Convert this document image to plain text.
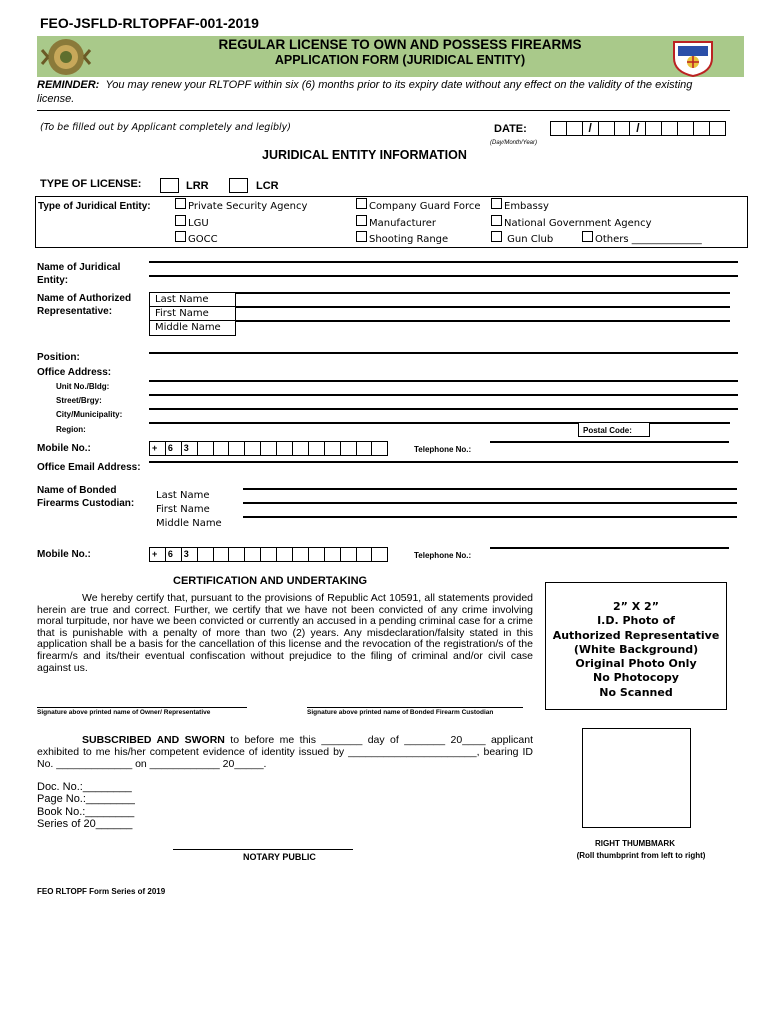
FEO-JSFLD-RLTOPFAF-001-2019
REGULAR LICENSE TO OWN AND POSSESS FIREARMS
APPLICATION FORM (JURIDICAL ENTITY)
REMINDER: You may renew your RLTOPF within six (6) months prior to its expiry date without any effect on the validity of the existing license.
(To be filled out by Applicant completely and legibly)	DATE:	/	/
(Day/Month/Year)
JURIDICAL ENTITY INFORMATION
TYPE OF LICENSE:	LRR	LCR
Type of Juridical Entity:	Private Security Agency	Company Guard Force Embassy
LGU	Manufacturer	National Government Agency
GOCC	Shooting Range	Gun Club	Others ______________
Name of Juridical Entity:
Name of Authorized Representative:
Last Name
First Name
Middle Name
Position:
Office Address:
Unit No./Bldg:
Street/Brgy:
City/Municipality:
Region:	Postal Code:
Mobile No.:	+	6	3	Telephone No.:
Office Email Address:
Name of Bonded Firearms Custodian:
Last Name
First Name
Middle Name
Mobile No.:	+	6	3	Telephone No.:
CERTIFICATION AND UNDERTAKING
We hereby certify that, pursuant to the provisions of Republic Act 10591, all statements provided herein are true and correct. Further, we certify that we have not been convicted of any crime involving moral turpitude, nor have we been convicted or currently an accused in a pending criminal case for a crime that is punishable with a penalty of more than two (2) years. Any misdeclaration/falsity stated in this application shall be a basis for the cancellation of this license and the revocation of the registration/s of the firearm/s and its/their eventual confiscation without prejudice to the filing of criminal and/or civil case against us.
2” X 2”
I.D. Photo of
Authorized Representative
(White Background)
Original Photo Only
No Photocopy
No Scanned
Signature above printed name of Owner/ Representative	Signature above printed name of Bonded Firearm Custodian
SUBSCRIBED AND SWORN to before me this _______ day of _______ 20____ applicant exhibited to me his/her competent evidence of identity issued by ______________________, bearing ID No. _____________ on ____________ 20_____.
Doc. No.:________
Page No.:________
Book No.:________
Series of 20______
NOTARY PUBLIC
RIGHT THUMBMARK
(Roll thumbprint from left to right)
FEO RLTOPF Form Series of 2019
